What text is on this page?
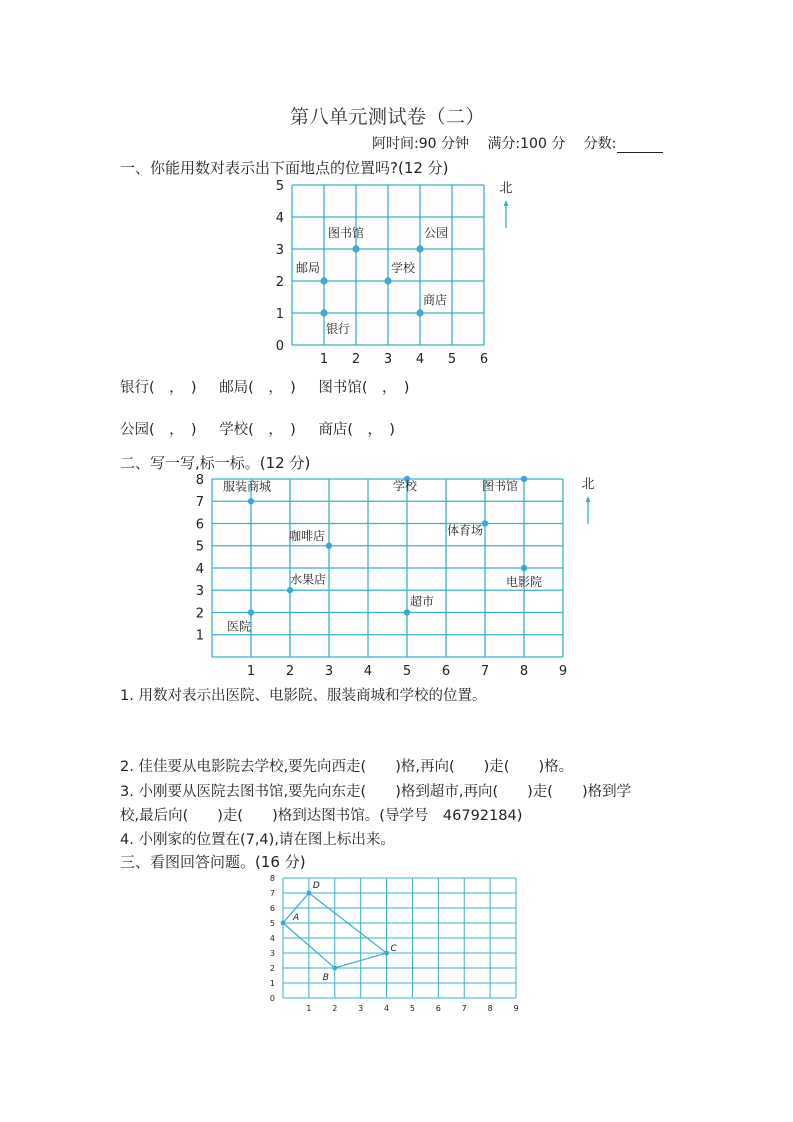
第八单元测试卷（二）
阿时间:90 分钟 满分:100 分 分数:
一、你能用数对表示出下面地点的位置吗?(12 分)
1 2 3 4 5 6
0
1
2
3
4
5
图书馆	公园
邮局	学校
商店
银行
北
1 2 3 4 5 6 7 8 9
1
2
3
4
5
6
7
8 服装商城	学校	图书馆
咖啡店	体育场
电影院
水果店
超市
医院
北
1	2	3	4	5	6	7	8	9
0
1
2
3
4
5
6
7
8
A
B
C
D
银行(　，　) 邮局(　，　) 图书馆(　，　)
公园(　，　) 学校(　，　) 商店(　，　)
二、写一写,标一标。(12 分)
1. 用数对表示出医院、电影院、服装商城和学校的位置。
2. 佳佳要从电影院去学校,要先向西走(　　)格,再向(　　)走(　　)格。
3. 小刚要从医院去图书馆,要先向东走(　　)格到超市,再向(　　)走(　　)格到学
校,最后向(　　)走(　　)格到达图书馆。(导学号　46792184)
4. 小刚家的位置在(7,4),请在图上标出来。
三、看图回答问题。(16 分)
